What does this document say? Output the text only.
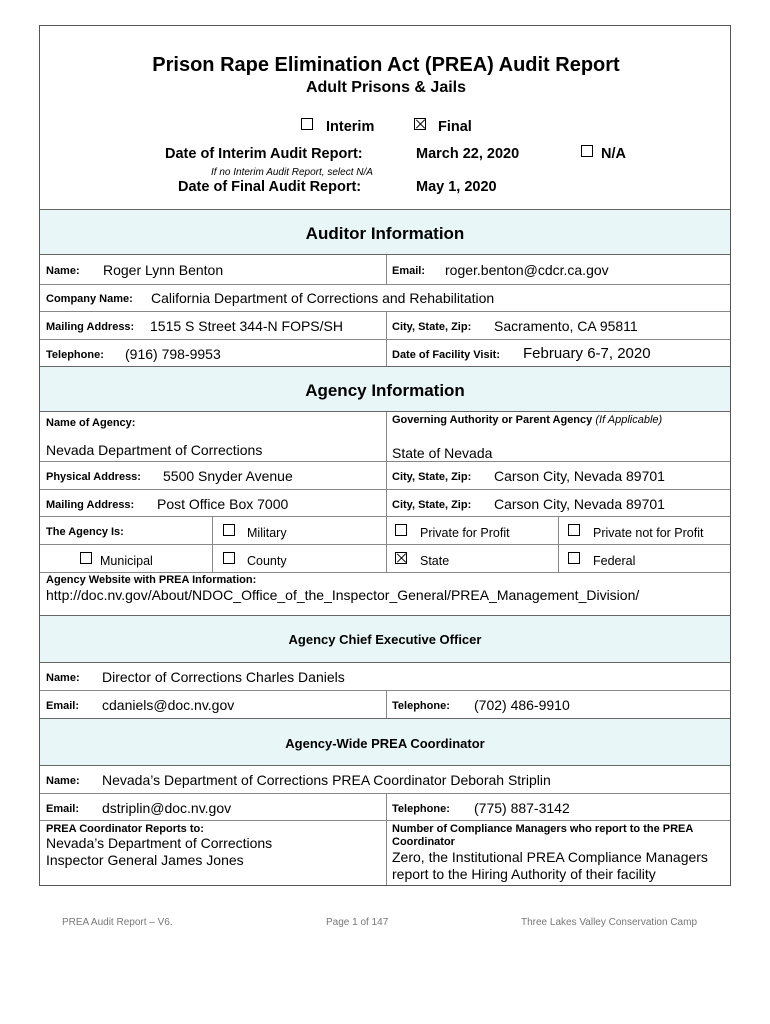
Prison Rape Elimination Act (PREA) Audit Report
Adult Prisons & Jails
Interim	Final
Date of Interim Audit Report:	March 22, 2020	N/A
If no Interim Audit Report, select N/A
Date of Final Audit Report:	May 1, 2020
Auditor Information
Name: Roger Lynn Benton	Email: roger.benton@cdcr.ca.gov
Company Name: California Department of Corrections and Rehabilitation
Mailing Address: 1515 S Street 344-N FOPS/SH	City, State, Zip: Sacramento, CA 95811
Telephone: (916) 798-9953	Date of Facility Visit: February 6-7, 2020
Agency Information
Name of Agency:	Governing Authority or Parent Agency (If Applicable)
Nevada Department of Corrections	State of Nevada
Physical Address: 5500 Snyder Avenue	City, State, Zip: Carson City, Nevada 89701
Mailing Address: Post Office Box 7000	City, State, Zip: Carson City, Nevada 89701
The Agency Is:	Military	Private for Profit	Private not for Profit
Municipal	County	State	Federal
Agency Website with PREA Information:
http://doc.nv.gov/About/NDOC_Office_of_the_Inspector_General/PREA_Management_Division/
Agency Chief Executive Officer
Name: Director of Corrections Charles Daniels
Email: cdaniels@doc.nv.gov	Telephone: (702) 486-9910
Agency-Wide PREA Coordinator
Name: Nevada’s Department of Corrections PREA Coordinator Deborah Striplin
Email: dstriplin@doc.nv.gov	Telephone: (775) 887-3142
PREA Coordinator Reports to:
Nevada’s Department of Corrections
Inspector General James Jones
Number of Compliance Managers who report to the PREA
Coordinator
Zero, the Institutional PREA Compliance Managers
report to the Hiring Authority of their facility
PREA Audit Report – V6.	Page 1 of 147	Three Lakes Valley Conservation Camp
